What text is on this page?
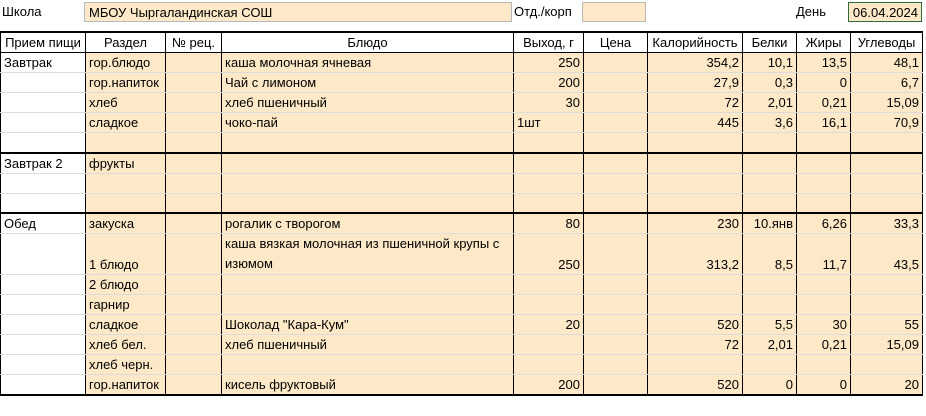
Школа	МБОУ Чыргаландинская СОШ	Отд./корп	День	06.04.2024
Прием пищи	Раздел	№ рец.	Блюдо	Выход, г	Цена	Калорийность	Белки	Жиры	Углеводы
Завтрак	гор.блюдо		каша молочная ячневая	250		354,2	10,1	13,5	48,1
	гор.напиток		Чай с лимоном	200		27,9	0,3	0	6,7
	хлеб		хлеб пшеничный	30		72	2,01	0,21	15,09
	сладкое		чоко-пай	1шт		445	3,6	16,1	70,9

Завтрак 2	фрукты								

Обед	закуска		рогалик с творогом	80		230	10.янв	6,26	33,3
	1 блюдо		каша вязкая молочная из пшеничной крупы с изюмом	250		313,2	8,5	11,7	43,5
	2 блюдо								
	гарнир								
	сладкое		Шоколад "Кара-Кум"	20		520	5,5	30	55
	хлеб бел.		хлеб пшеничный			72	2,01	0,21	15,09
	хлеб черн.								
	гор.напиток		кисель фруктовый	200		520	0	0	20
